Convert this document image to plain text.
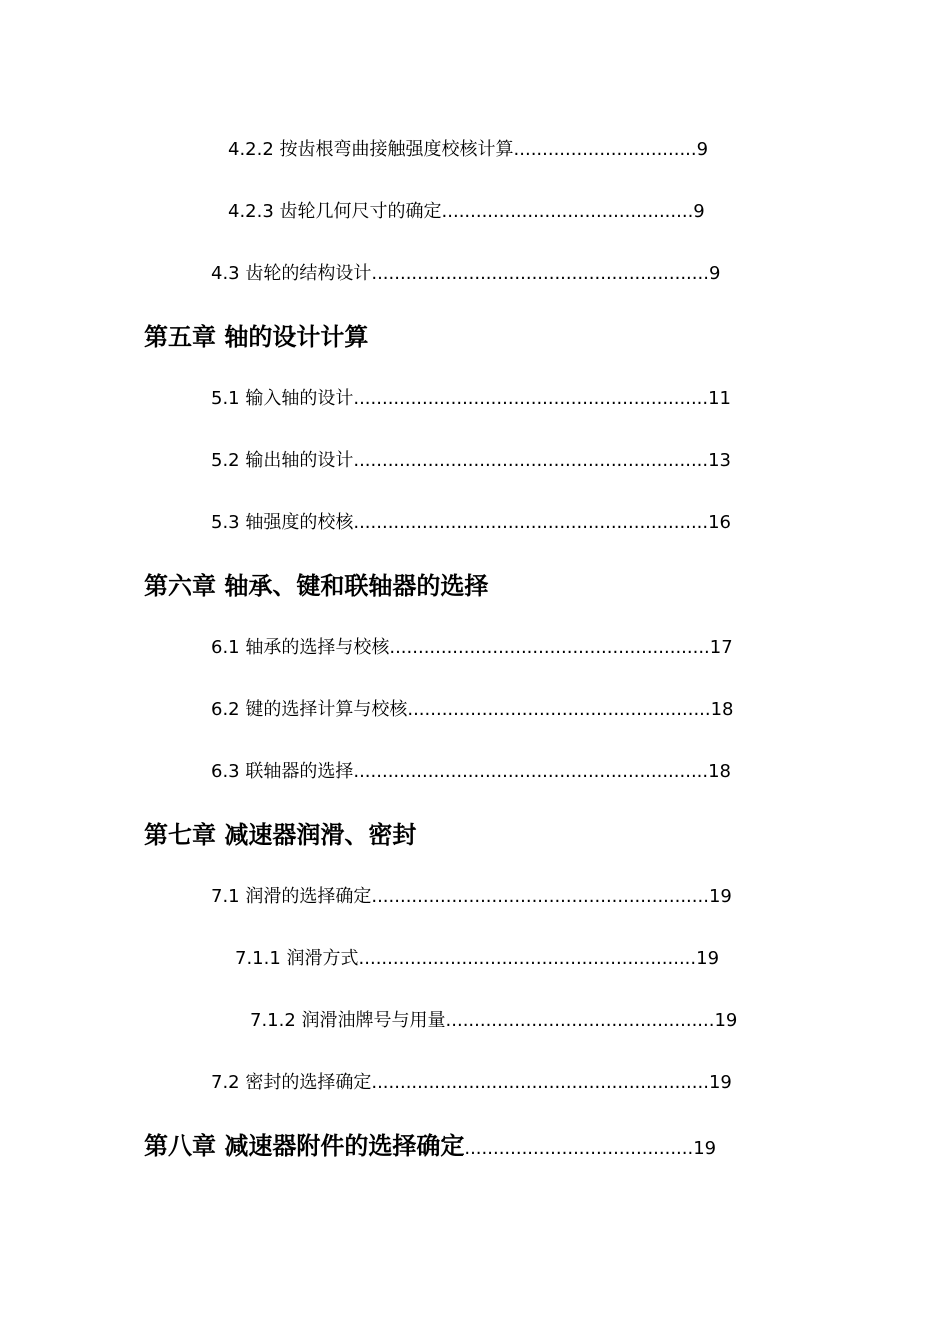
4.2.2 按齿根弯曲接触强度校核计算................................9
4.2.3 齿轮几何尺寸的确定............................................9
4.3 齿轮的结构设计...........................................................9
第五章 轴的设计计算
5.1 输入轴的设计..............................................................11
5.2 输出轴的设计..............................................................13
5.3 轴强度的校核..............................................................16
第六章 轴承、键和联轴器的选择
6.1 轴承的选择与校核........................................................17
6.2 键的选择计算与校核.....................................................18
6.3 联轴器的选择..............................................................18
第七章 减速器润滑、密封
7.1 润滑的选择确定...........................................................19
7.1.1 润滑方式...........................................................19
7.1.2 润滑油牌号与用量...............................................19
7.2 密封的选择确定...........................................................19
第八章 减速器附件的选择确定........................................19
